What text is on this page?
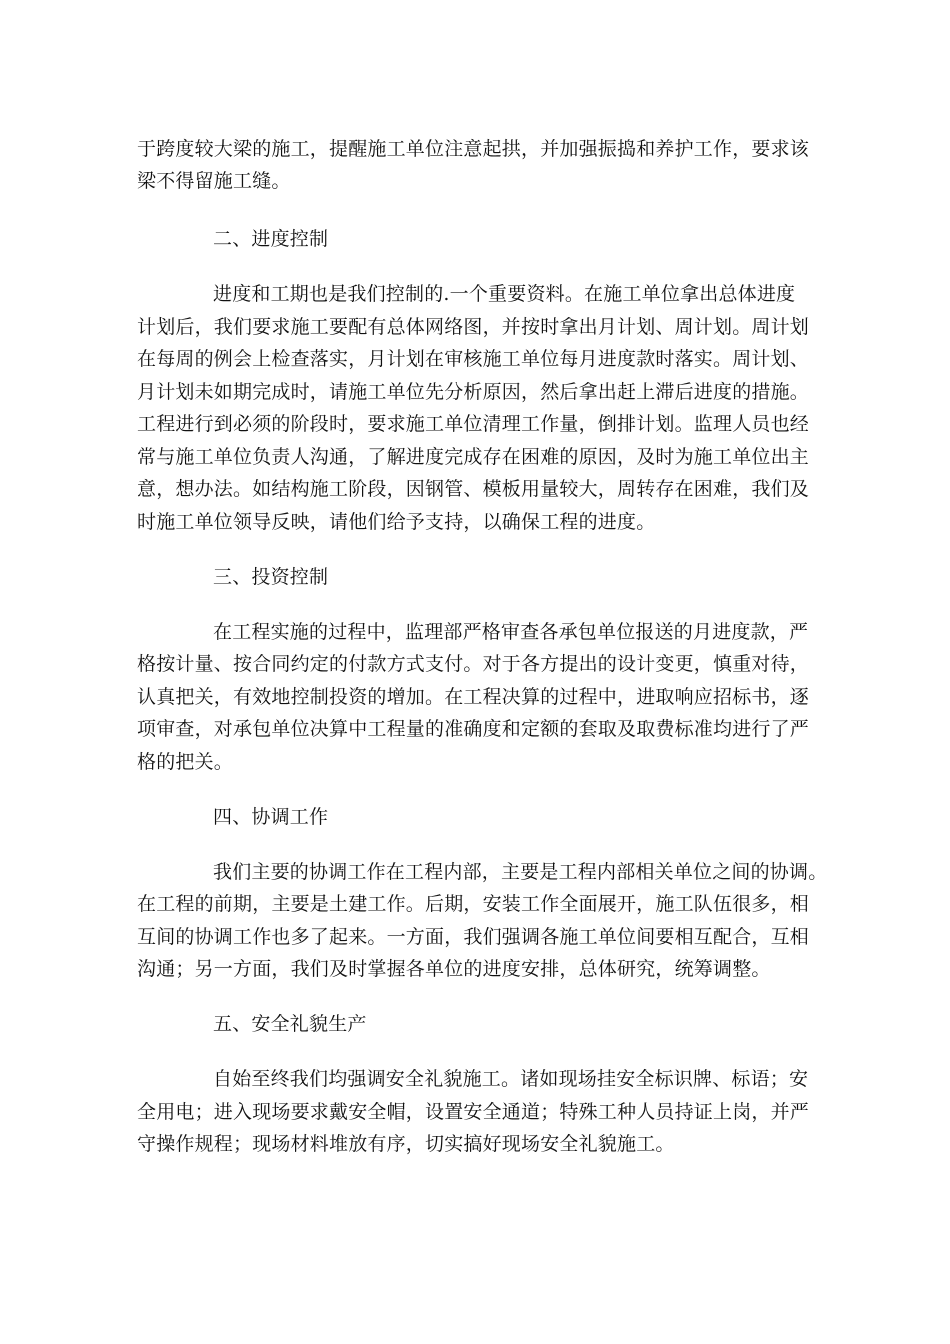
于跨度较大梁的施工，提醒施工单位注意起拱，并加强振捣和养护工作，要求该
梁不得留施工缝。
二、进度控制
进度和工期也是我们控制的.一个重要资料。在施工单位拿出总体进度
计划后，我们要求施工要配有总体网络图，并按时拿出月计划、周计划。周计划
在每周的例会上检查落实，月计划在审核施工单位每月进度款时落实。周计划、
月计划未如期完成时，请施工单位先分析原因，然后拿出赶上滞后进度的措施。
工程进行到必须的阶段时，要求施工单位清理工作量，倒排计划。监理人员也经
常与施工单位负责人沟通，了解进度完成存在困难的原因，及时为施工单位出主
意，想办法。如结构施工阶段，因钢管、模板用量较大，周转存在困难，我们及
时施工单位领导反映，请他们给予支持，以确保工程的进度。
三、投资控制
在工程实施的过程中，监理部严格审查各承包单位报送的月进度款，严
格按计量、按合同约定的付款方式支付。对于各方提出的设计变更，慎重对待，
认真把关，有效地控制投资的增加。在工程决算的过程中，进取响应招标书，逐
项审查，对承包单位决算中工程量的准确度和定额的套取及取费标准均进行了严
格的把关。
四、协调工作
我们主要的协调工作在工程内部，主要是工程内部相关单位之间的协调。
在工程的前期，主要是土建工作。后期，安装工作全面展开，施工队伍很多，相
互间的协调工作也多了起来。一方面，我们强调各施工单位间要相互配合，互相
沟通；另一方面，我们及时掌握各单位的进度安排，总体研究，统筹调整。
五、安全礼貌生产
自始至终我们均强调安全礼貌施工。诸如现场挂安全标识牌、标语；安
全用电；进入现场要求戴安全帽，设置安全通道；特殊工种人员持证上岗，并严
守操作规程；现场材料堆放有序，切实搞好现场安全礼貌施工。
